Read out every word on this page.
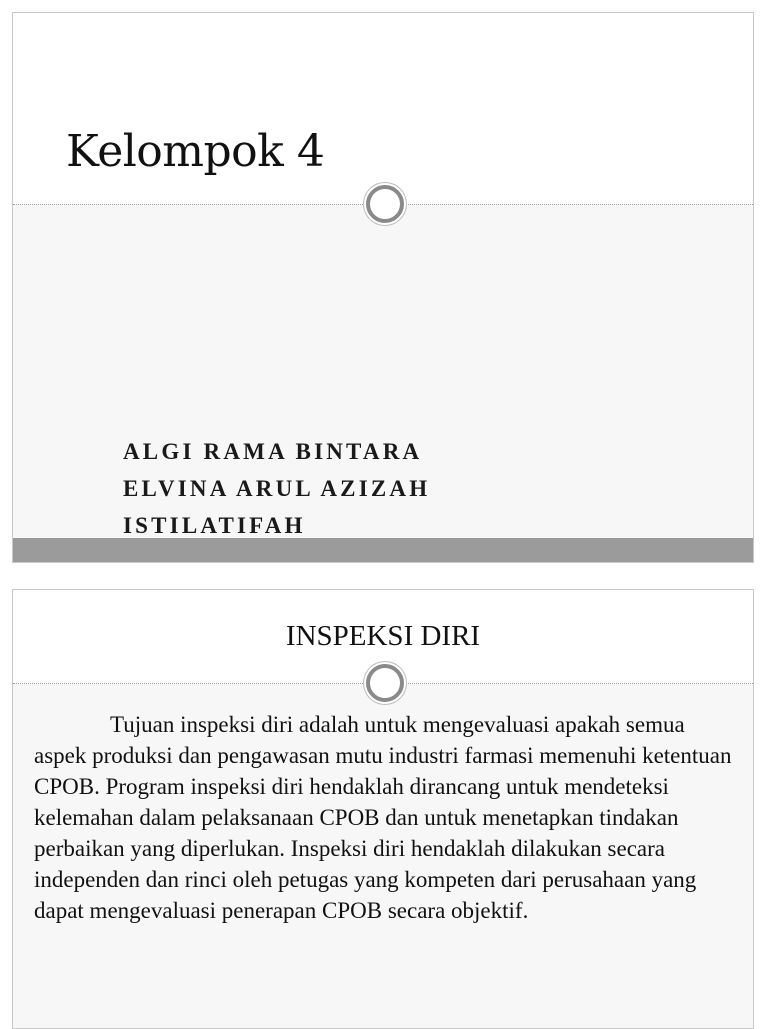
Kelompok 4
ALGI RAMA BINTARA
ELVINA ARUL AZIZAH
ISTILATIFAH
INSPEKSI DIRI

Tujuan inspeksi diri adalah untuk mengevaluasi apakah semua aspek produksi dan pengawasan mutu industri farmasi memenuhi ketentuan CPOB. Program inspeksi diri hendaklah dirancang untuk mendeteksi kelemahan dalam pelaksanaan CPOB dan untuk menetapkan tindakan perbaikan yang diperlukan. Inspeksi diri hendaklah dilakukan secara independen dan rinci oleh petugas yang kompeten dari perusahaan yang dapat mengevaluasi penerapan CPOB secara objektif.
